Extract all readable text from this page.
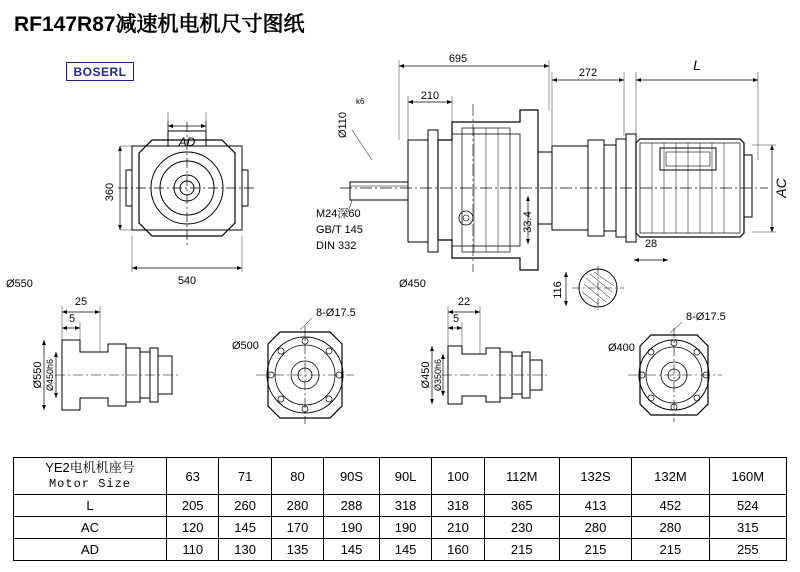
RF147R87减速机电机尺寸图纸
BOSERL
695
272	L
210
Ø110
k6
33.4
AC
AD
360
540
28
116
M24深60
GB/T 145
DIN 332
Ø550	Ø450
25
5
Ø550 Ø450h6
8-Ø17.5
Ø500
22
5
Ø450 Ø350h6
8-Ø17.5
Ø400
YE2电机机座号
Motor Size	63	71	80	90S	90L	100	112M	132S	132M	160M
L	205	260	280	288	318	318	365	413	452	524
AC	120	145	170	190	190	210	230	280	280	315
AD	110	130	135	145	145	160	215	215	215	255
